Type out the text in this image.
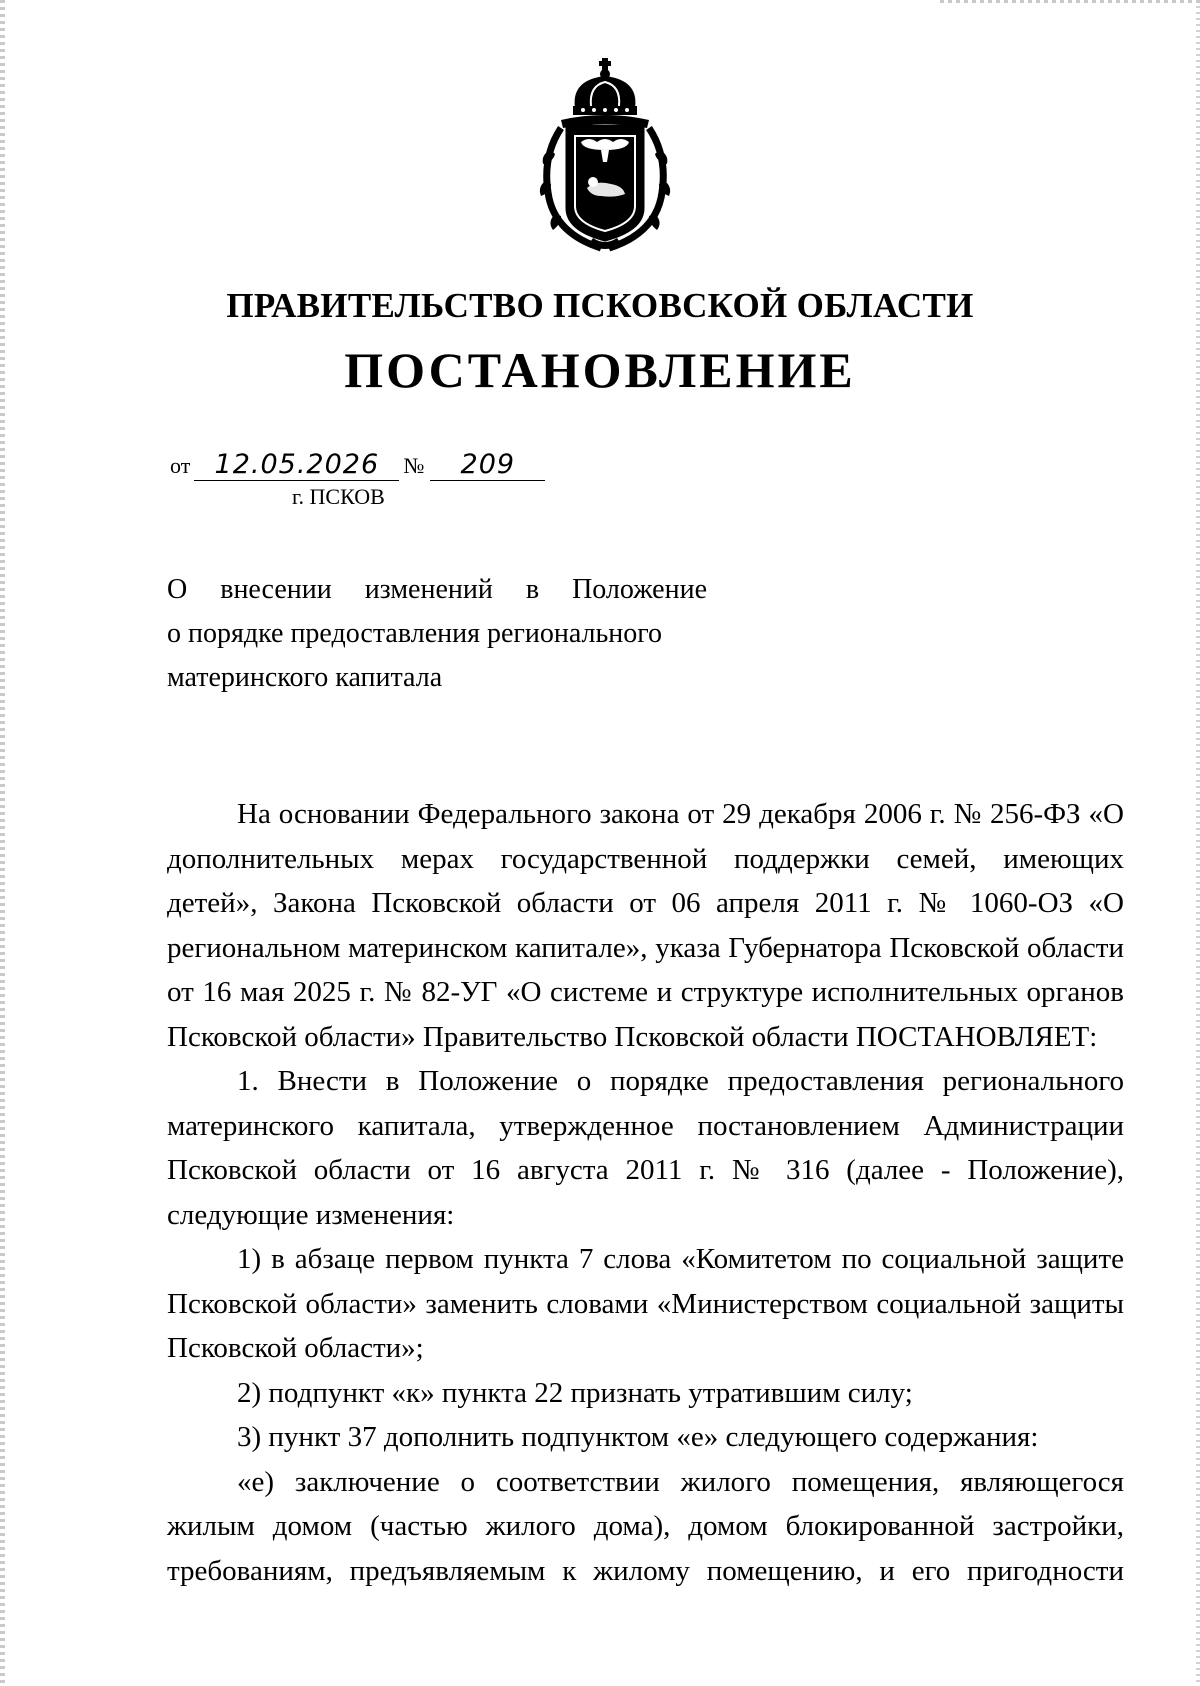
ПРАВИТЕЛЬСТВО ПСКОВСКОЙ ОБЛАСТИ
ПОСТАНОВЛЕНИЕ
от 12.05.2026 № 209
г. ПСКОВ
О внесении изменений в Положение
о порядке предоставления регионального
материнского капитала

На основании Федерального закона от 29 декабря 2006 г. № 256-ФЗ «О дополнительных мерах государственной поддержки семей, имеющих детей», Закона Псковской области от 06 апреля 2011 г. № 1060-ОЗ «О региональном материнском капитале», указа Губернатора Псковской области от 16 мая 2025 г. № 82-УГ «О системе и структуре исполнительных органов Псковской области» Правительство Псковской области ПОСТАНОВЛЯЕТ:

1. Внести в Положение о порядке предоставления регионального материнского капитала, утвержденное постановлением Администрации Псковской области от 16 августа 2011 г. № 316 (далее - Положение), следующие изменения:

1) в абзаце первом пункта 7 слова «Комитетом по социальной защите Псковской области» заменить словами «Министерством социальной защиты Псковской области»;

2) подпункт «к» пункта 22 признать утратившим силу;

3) пункт 37 дополнить подпунктом «е» следующего содержания:

«е) заключение о соответствии жилого помещения, являющегося жилым домом (частью жилого дома), домом блокированной застройки, требованиям, предъявляемым к жилому помещению, и его пригодности
